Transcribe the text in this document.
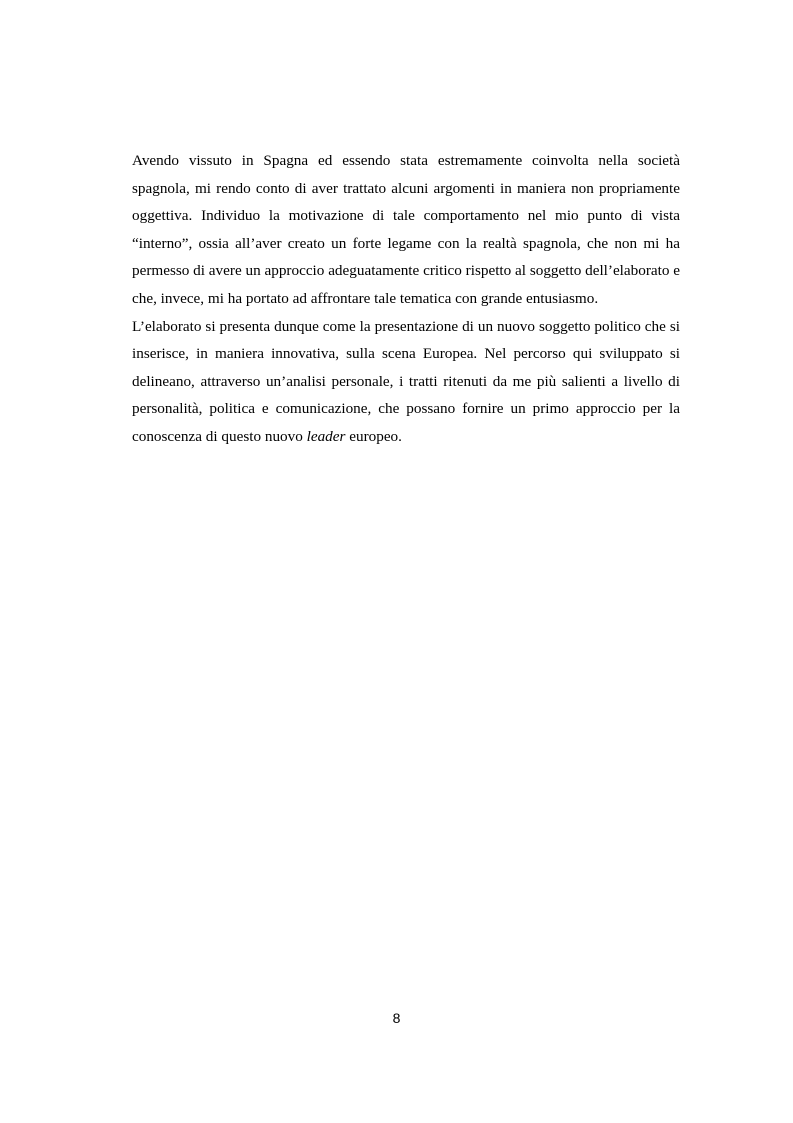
Avendo vissuto in Spagna ed essendo stata estremamente coinvolta nella società spagnola, mi rendo conto di aver trattato alcuni argomenti in maniera non propriamente oggettiva. Individuo la motivazione di tale comportamento nel mio punto di vista “interno”, ossia all’aver creato un forte legame con la realtà spagnola, che non mi ha permesso di avere un approccio adeguatamente critico rispetto al soggetto dell’elaborato e che, invece, mi ha portato ad affrontare tale tematica con grande entusiasmo.

L’elaborato si presenta dunque come la presentazione di un nuovo soggetto politico che si inserisce, in maniera innovativa, sulla scena Europea. Nel percorso qui sviluppato si delineano, attraverso un’analisi personale, i tratti ritenuti da me più salienti a livello di personalità, politica e comunicazione, che possano fornire un primo approccio per la conoscenza di questo nuovo leader europeo.

8
